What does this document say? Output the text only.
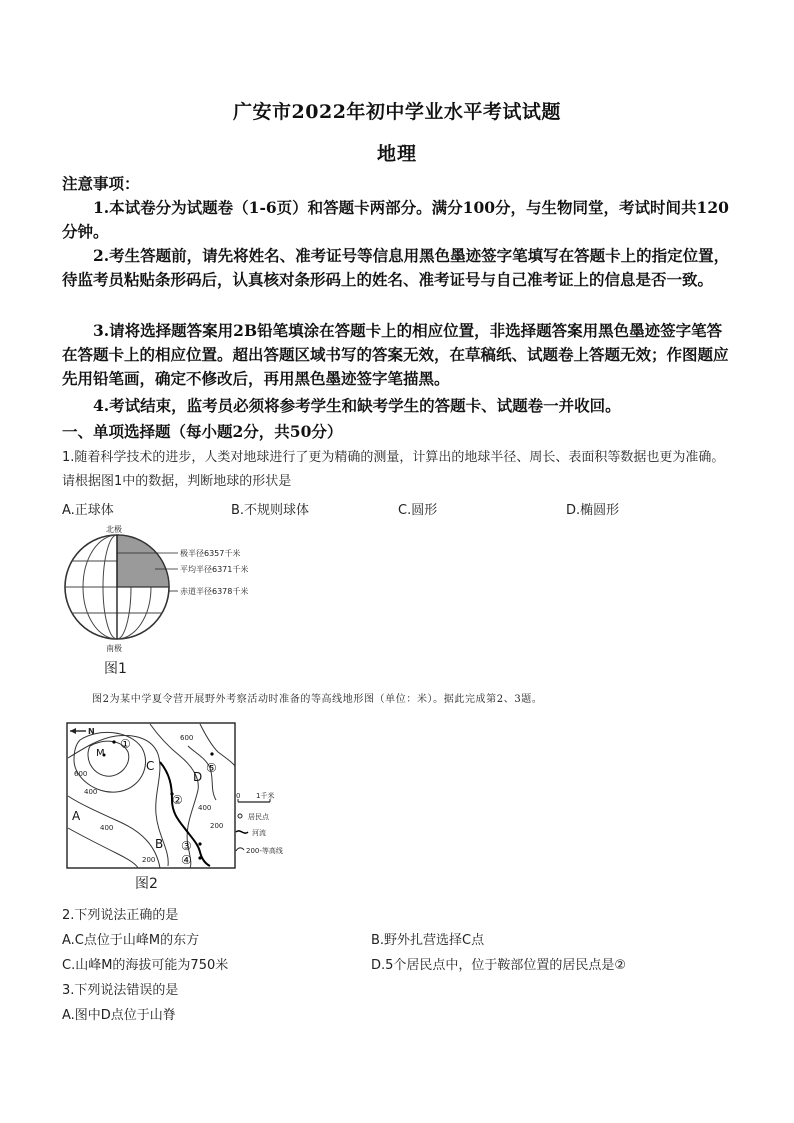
广安市2022年初中学业水平考试试题
地理
注意事项：
1.本试卷分为试题卷（1-6页）和答题卡两部分。满分100分，与生物同堂，考试时间共120分钟。
2.考生答题前，请先将姓名、准考证号等信息用黑色墨迹签字笔填写在答题卡上的指定位置，待监考员粘贴条形码后，认真核对条形码上的姓名、准考证号与自己准考证上的信息是否一致。
3.请将选择题答案用2B铅笔填涂在答题卡上的相应位置，非选择题答案用黑色墨迹签字笔答在答题卡上的相应位置。超出答题区域书写的答案无效，在草稿纸、试题卷上答题无效；作图题应先用铅笔画，确定不修改后，再用黑色墨迹签字笔描黑。
4.考试结束，监考员必须将参考学生和缺考学生的答题卡、试题卷一并收回。
一、单项选择题（每小题2分，共50分）
1.随着科学技术的进步，人类对地球进行了更为精确的测量，计算出的地球半径、周长、表面积等数据也更为准确。请根据图1中的数据，判断地球的形状是
A.正球体	B.不规则球体	C.圆形	D.椭圆形
北极
南极
极半径6357千米
平均半径6371千米
赤道半径6378千米
图1
图2为某中学夏令营开展野外考察活动时准备的等高线地形图（单位：米）。据此完成第2、3题。
N
600
600
400
400
400
200
200
M
A
B
C
D
①
②
③
④
⑤
0 1千米
居民点
河流
200-等高线
图2
2.下列说法正确的是
A.C点位于山峰M的东方	B.野外扎营选择C点
C.山峰M的海拔可能为750米	D.5个居民点中，位于鞍部位置的居民点是②
3.下列说法错误的是
A.图中D点位于山脊
